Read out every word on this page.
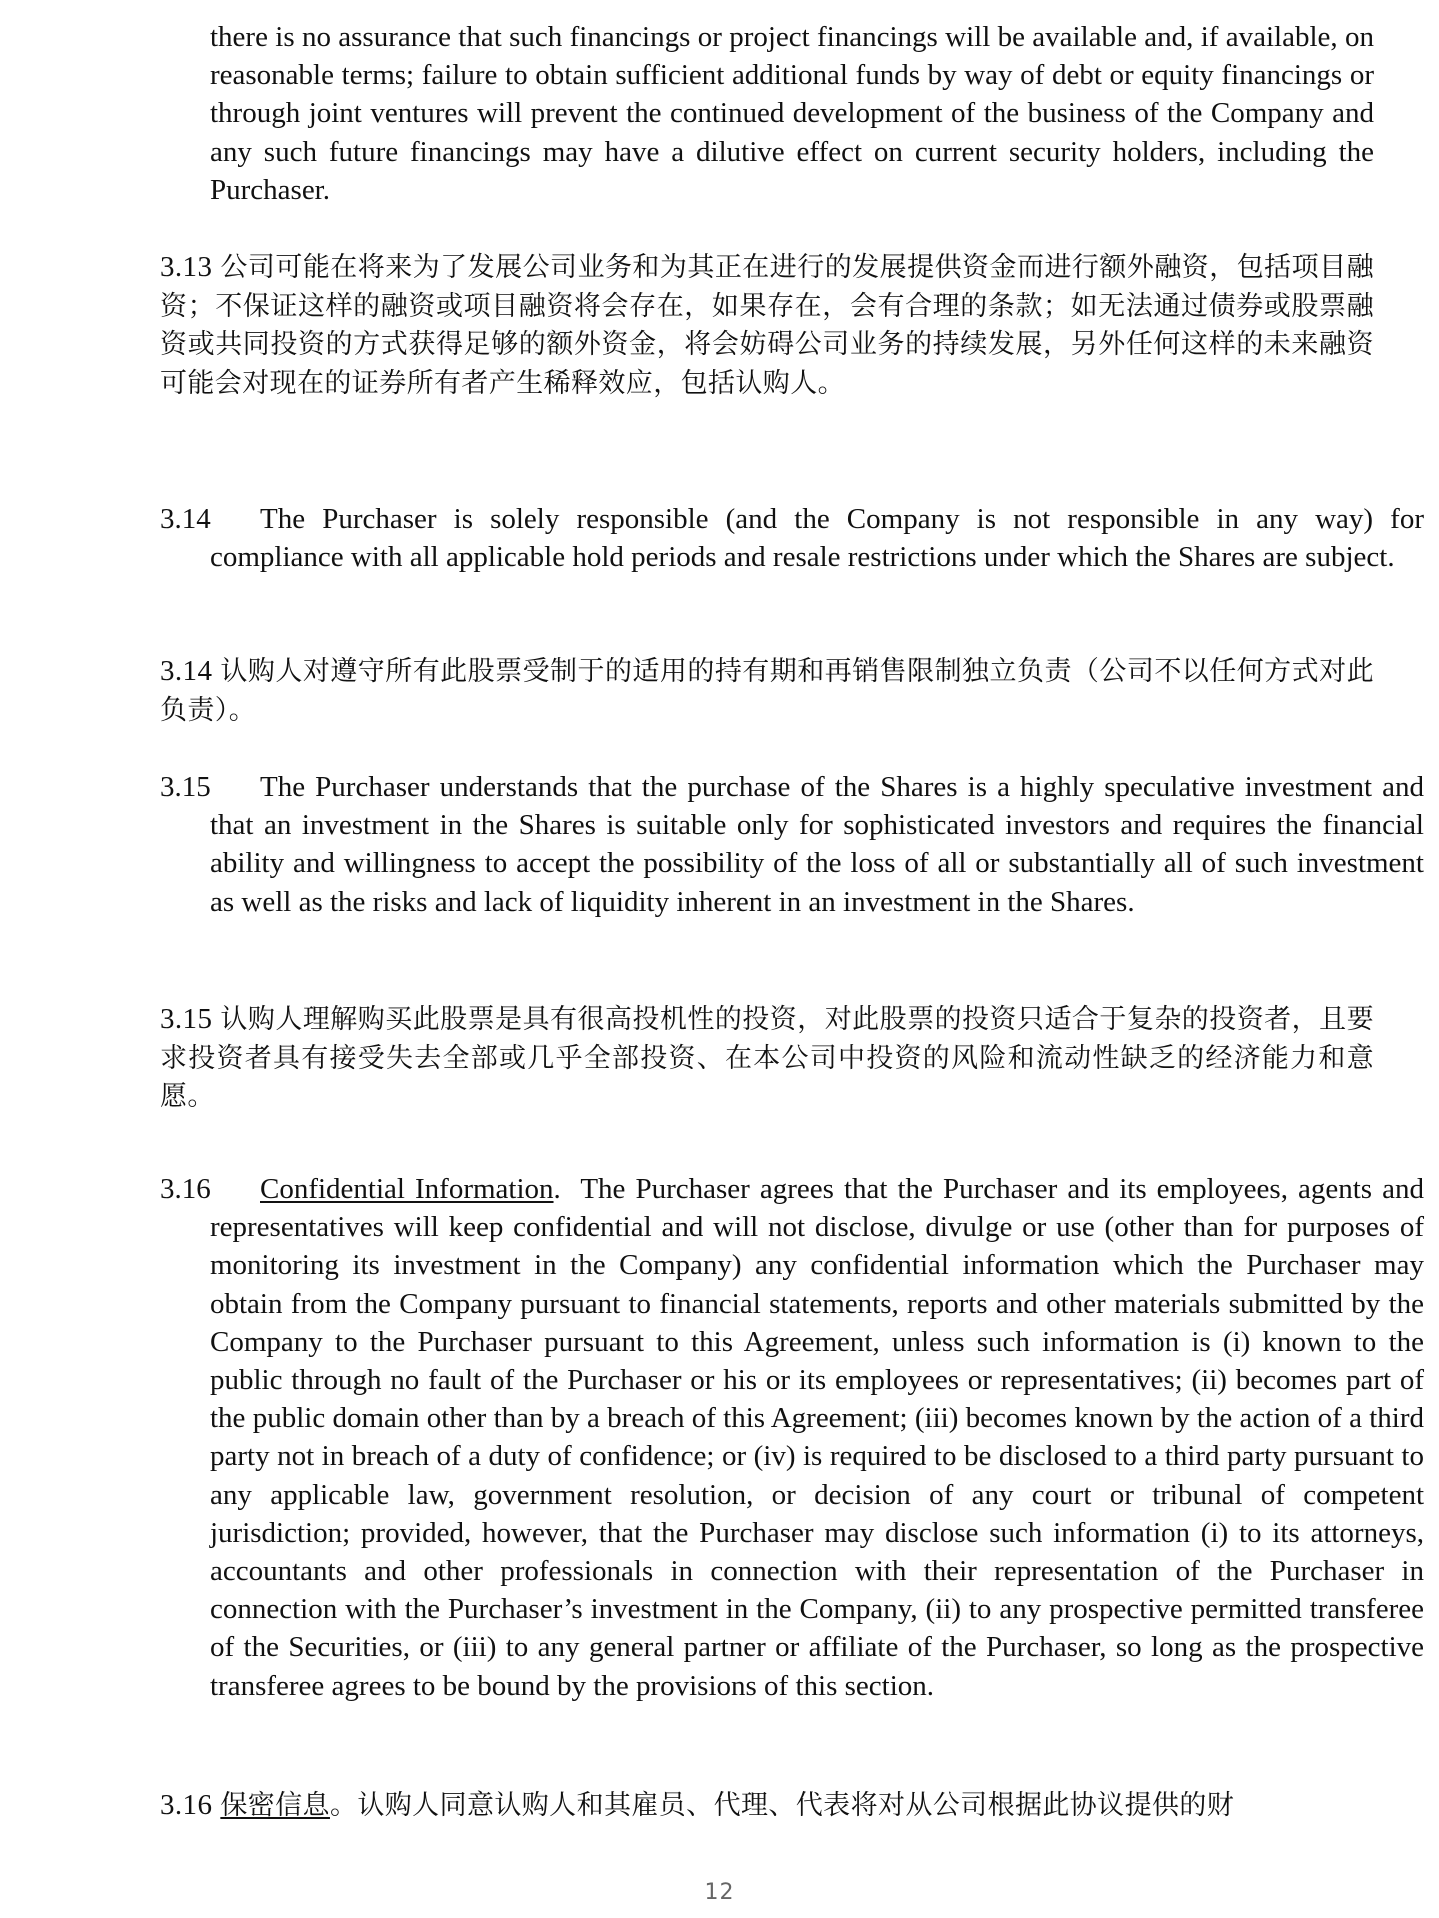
there is no assurance that such financings or project financings will be available and, if available, on reasonable terms; failure to obtain sufficient additional funds by way of debt or equity financings or through joint ventures will prevent the continued development of the business of the Company and any such future financings may have a dilutive effect on current security holders, including the Purchaser.

3.13 公司可能在将来为了发展公司业务和为其正在进行的发展提供资金而进行额外融资，包括项目融资；不保证这样的融资或项目融资将会存在，如果存在，会有合理的条款；如无法通过债券或股票融资或共同投资的方式获得足够的额外资金，将会妨碍公司业务的持续发展，另外任何这样的未来融资可能会对现在的证券所有者产生稀释效应，包括认购人。

3.14 The Purchaser is solely responsible (and the Company is not responsible in any way) for compliance with all applicable hold periods and resale restrictions under which the Shares are subject.

3.14 认购人对遵守所有此股票受制于的适用的持有期和再销售限制独立负责（公司不以任何方式对此负责）。

3.15 The Purchaser understands that the purchase of the Shares is a highly speculative investment and that an investment in the Shares is suitable only for sophisticated investors and requires the financial ability and willingness to accept the possibility of the loss of all or substantially all of such investment as well as the risks and lack of liquidity inherent in an investment in the Shares.

3.15 认购人理解购买此股票是具有很高投机性的投资，对此股票的投资只适合于复杂的投资者，且要求投资者具有接受失去全部或几乎全部投资、在本公司中投资的风险和流动性缺乏的经济能力和意愿。

3.16 Confidential Information. The Purchaser agrees that the Purchaser and its employees, agents and representatives will keep confidential and will not disclose, divulge or use (other than for purposes of monitoring its investment in the Company) any confidential information which the Purchaser may obtain from the Company pursuant to financial statements, reports and other materials submitted by the Company to the Purchaser pursuant to this Agreement, unless such information is (i) known to the public through no fault of the Purchaser or his or its employees or representatives; (ii) becomes part of the public domain other than by a breach of this Agreement; (iii) becomes known by the action of a third party not in breach of a duty of confidence; or (iv) is required to be disclosed to a third party pursuant to any applicable law, government resolution, or decision of any court or tribunal of competent jurisdiction; provided, however, that the Purchaser may disclose such information (i) to its attorneys, accountants and other professionals in connection with their representation of the Purchaser in connection with the Purchaser’s investment in the Company, (ii) to any prospective permitted transferee of the Securities, or (iii) to any general partner or affiliate of the Purchaser, so long as the prospective transferee agrees to be bound by the provisions of this section.

3.16 保密信息。认购人同意认购人和其雇员、代理、代表将对从公司根据此协议提供的财

12
